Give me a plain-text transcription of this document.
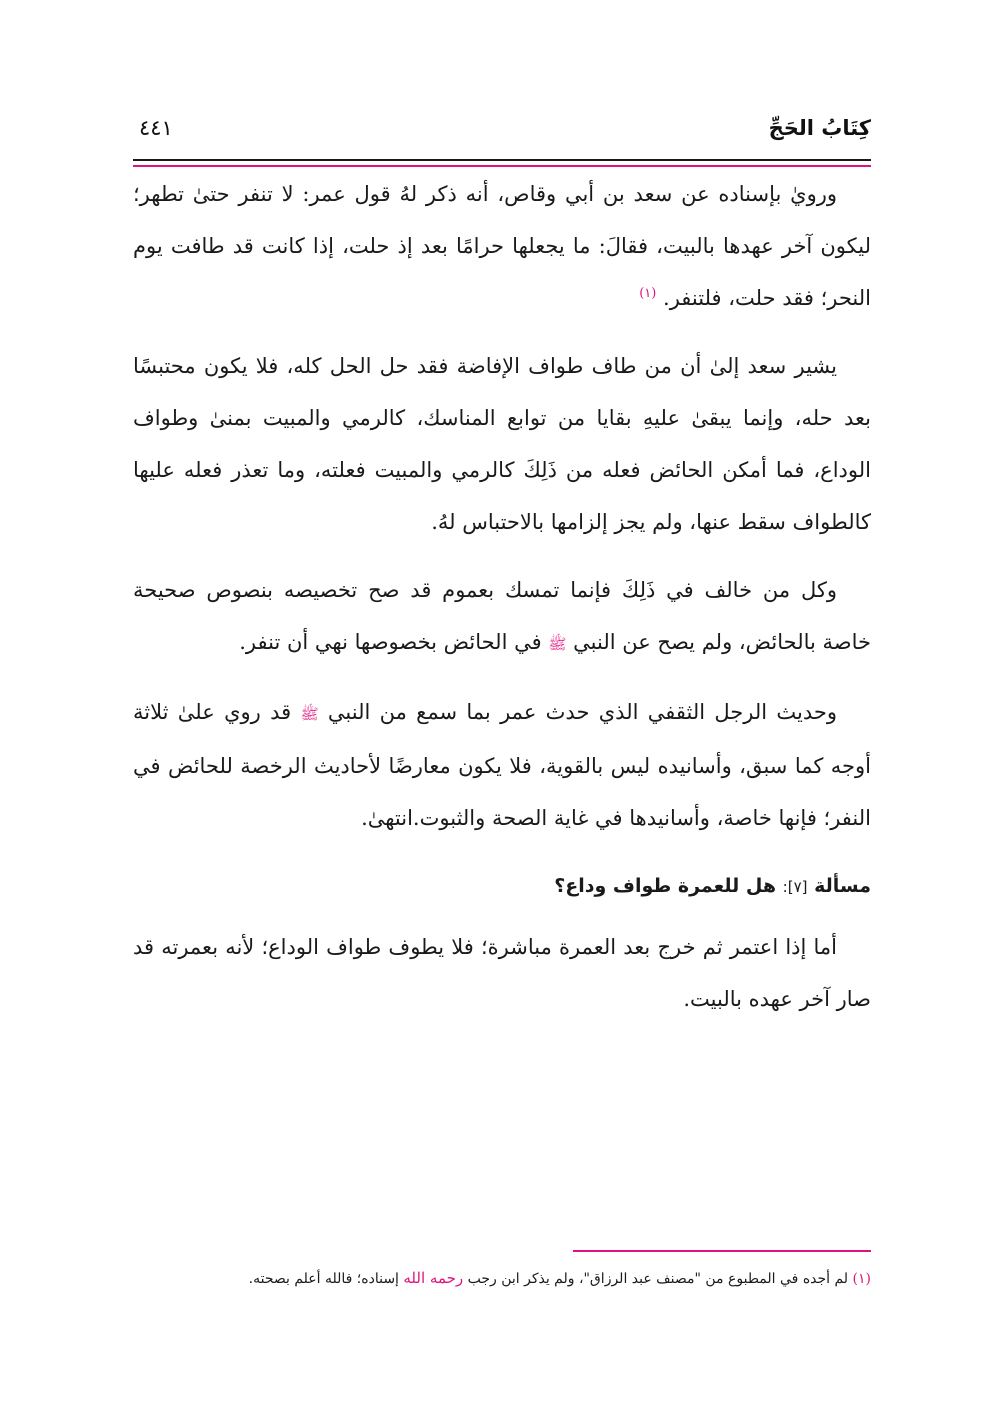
كِتَابُ الحَجِّ
٤٤١

ورويٰ بإسناده عن سعد بن أبي وقاص، أنه ذكر لهُ قول عمر: لا تنفر حتىٰ تطهر؛ ليكون آخر عهدها بالبيت، فقالَ: ما يجعلها حرامًا بعد إذ حلت، إذا كانت قد طافت يوم النحر؛ فقد حلت، فلتنفر. $^{(١)}$

يشير سعد إلىٰ أن من طاف طواف الإفاضة فقد حل الحل كله، فلا يكون محتبسًا بعد حله، وإنما يبقىٰ عليهِ بقايا من توابع المناسك، كالرمي والمبيت بمنىٰ وطواف الوداع، فما أمكن الحائض فعله من ذَلِكَ كالرمي والمبيت فعلته، وما تعذر فعله عليها كالطواف سقط عنها، ولم يجز إلزامها بالاحتباس لهُ.

وكل من خالف في ذَلِكَ فإنما تمسك بعموم قد صح تخصيصه بنصوص صحيحة خاصة بالحائض، ولم يصح عن النبي ﷺ في الحائض بخصوصها نهي أن تنفر.

وحديث الرجل الثقفي الذي حدث عمر بما سمع من النبي ﷺ قد روي علىٰ ثلاثة أوجه كما سبق، وأسانيده ليس بالقوية، فلا يكون معارضًا لأحاديث الرخصة للحائض في النفر؛ فإنها خاصة، وأسانيدها في غاية الصحة والثبوت.انتهىٰ.

مسألة [٧]: هل للعمرة طواف وداع؟

أما إذا اعتمر ثم خرج بعد العمرة مباشرة؛ فلا يطوف طواف الوداع؛ لأنه بعمرته قد صار آخر عهده بالبيت.

(١) لم أجده في المطبوع من "مصنف عبد الرزاق"، ولم يذكر ابن رجب رحمه الله إسناده؛ فالله أعلم بصحته.
